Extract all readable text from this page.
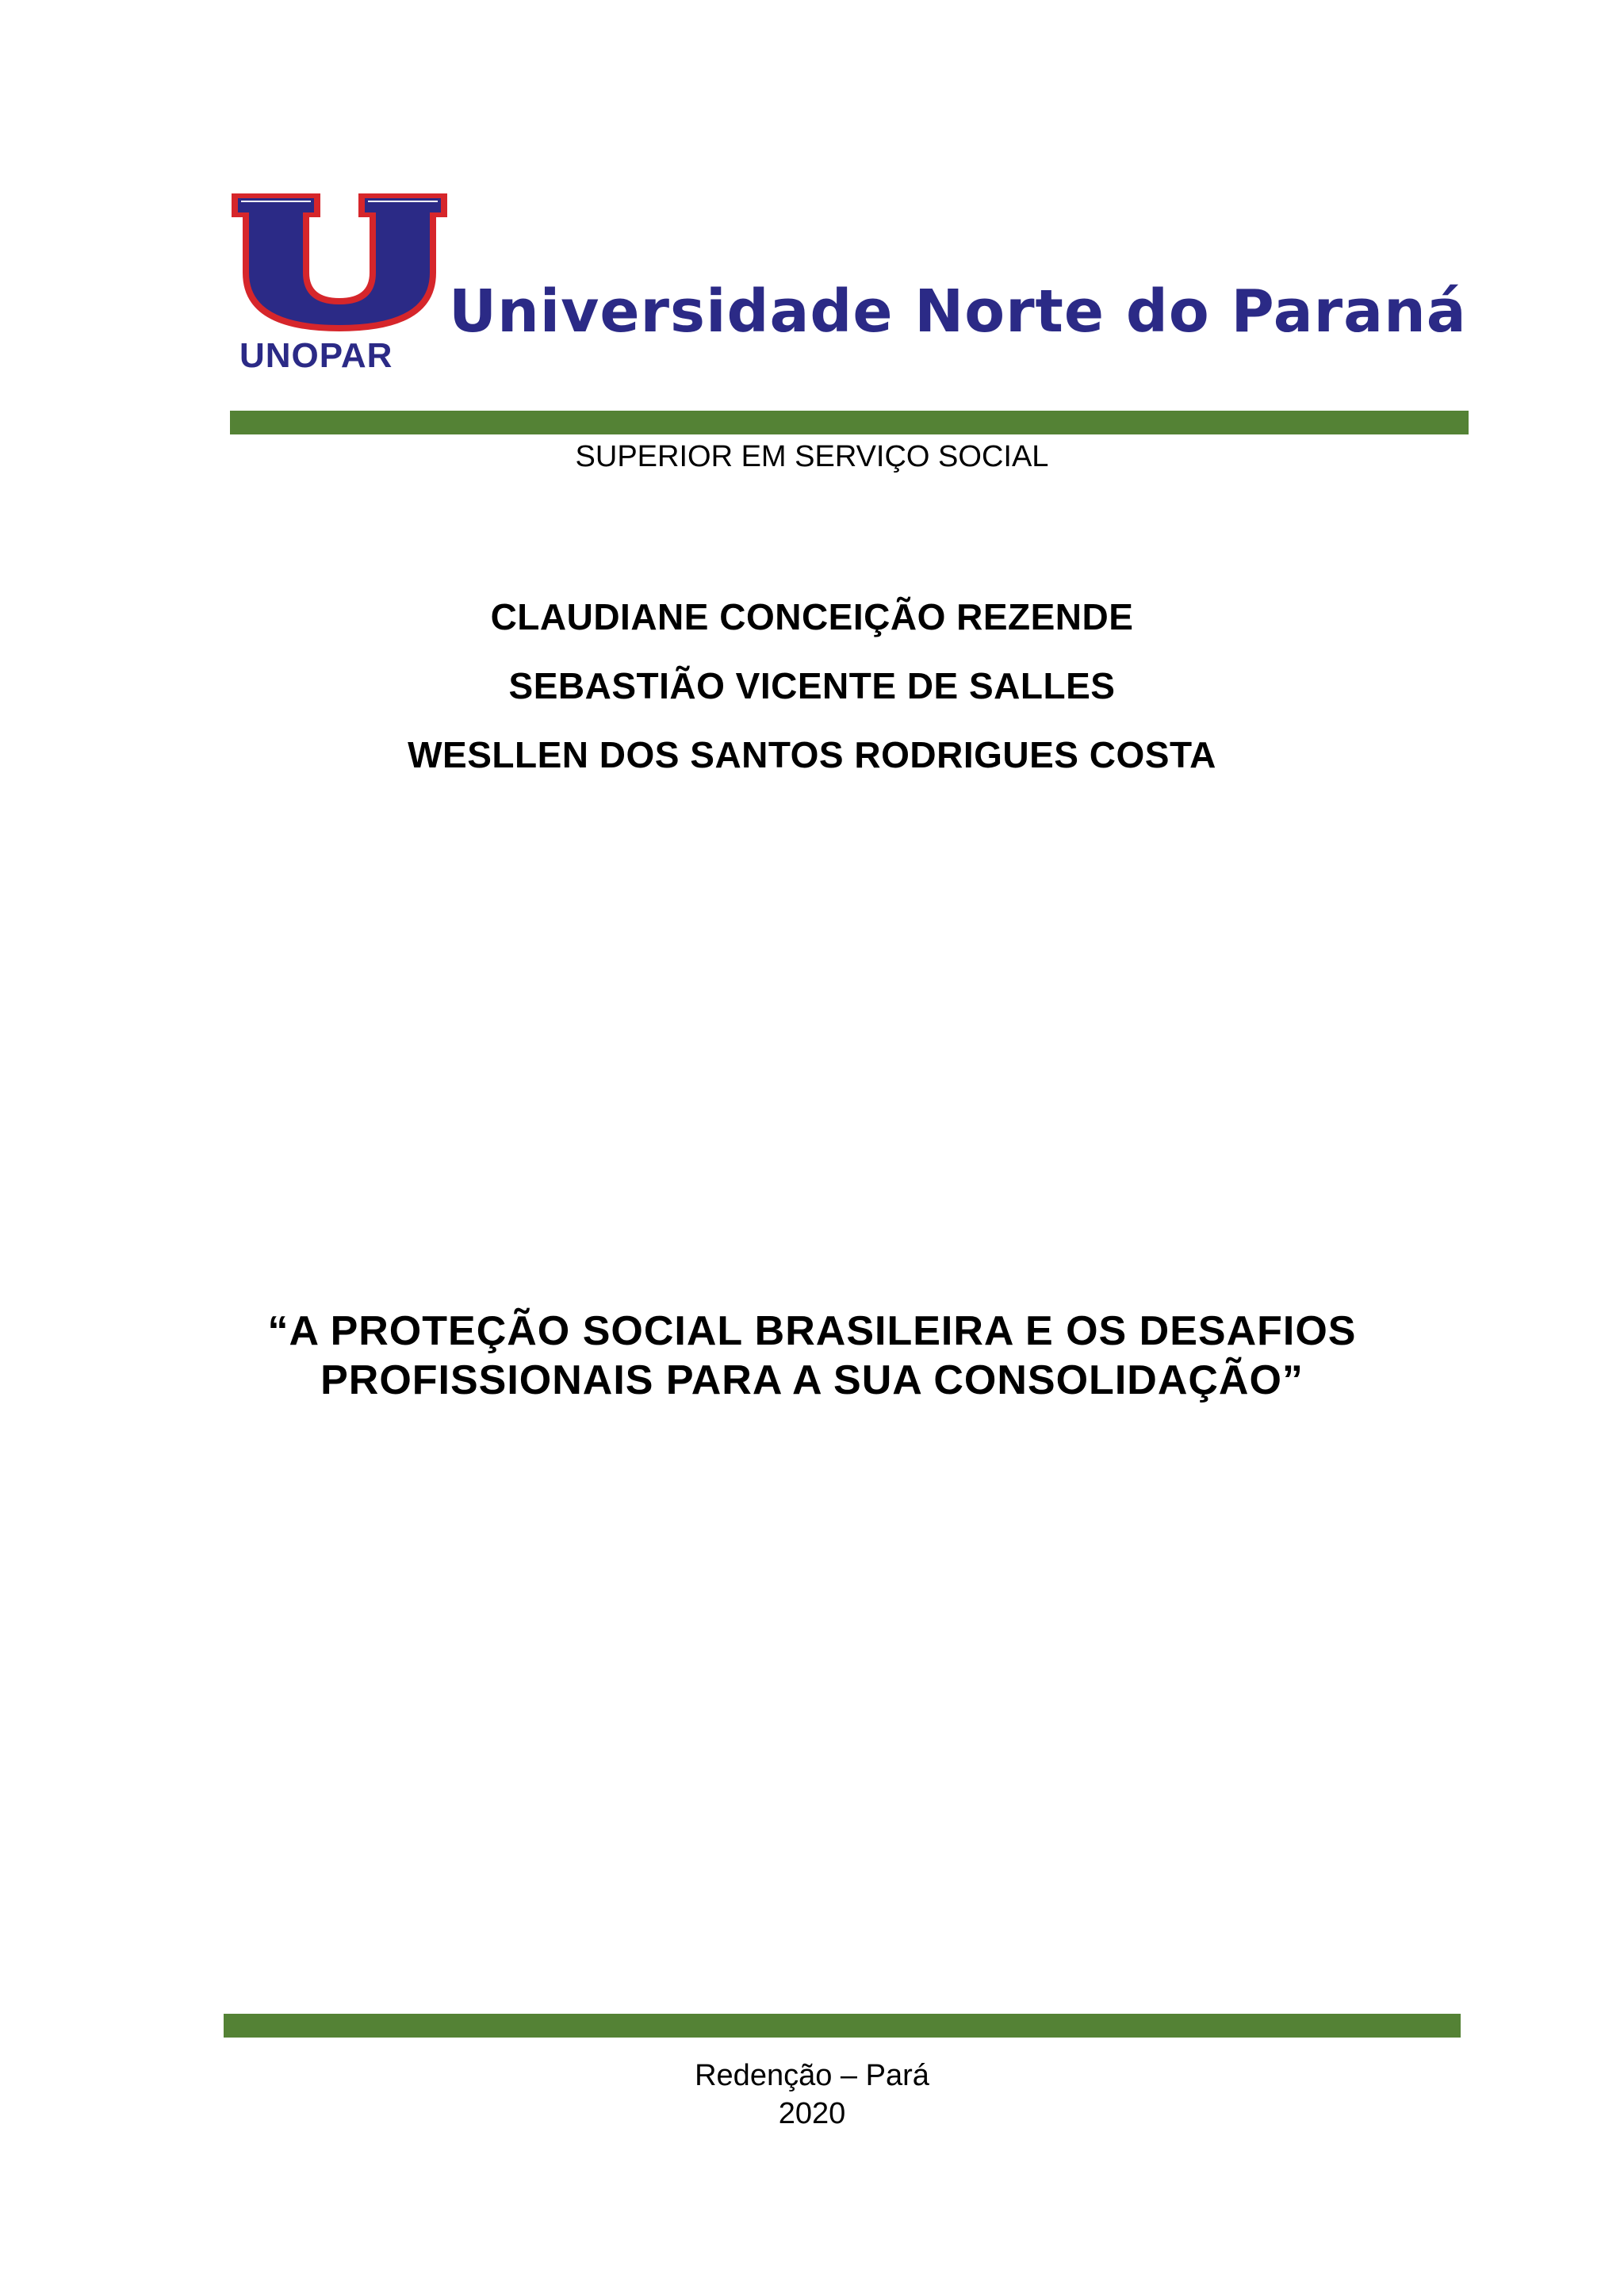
UNOPAR
Universidade Norte do Paraná
SUPERIOR EM SERVIÇO SOCIAL
CLAUDIANE CONCEIÇÃO REZENDE
SEBASTIÃO VICENTE DE SALLES
WESLLEN DOS SANTOS RODRIGUES COSTA
“A PROTEÇÃO SOCIAL BRASILEIRA E OS DESAFIOS
PROFISSIONAIS PARA A SUA CONSOLIDAÇÃO”
Redenção – Pará
2020
